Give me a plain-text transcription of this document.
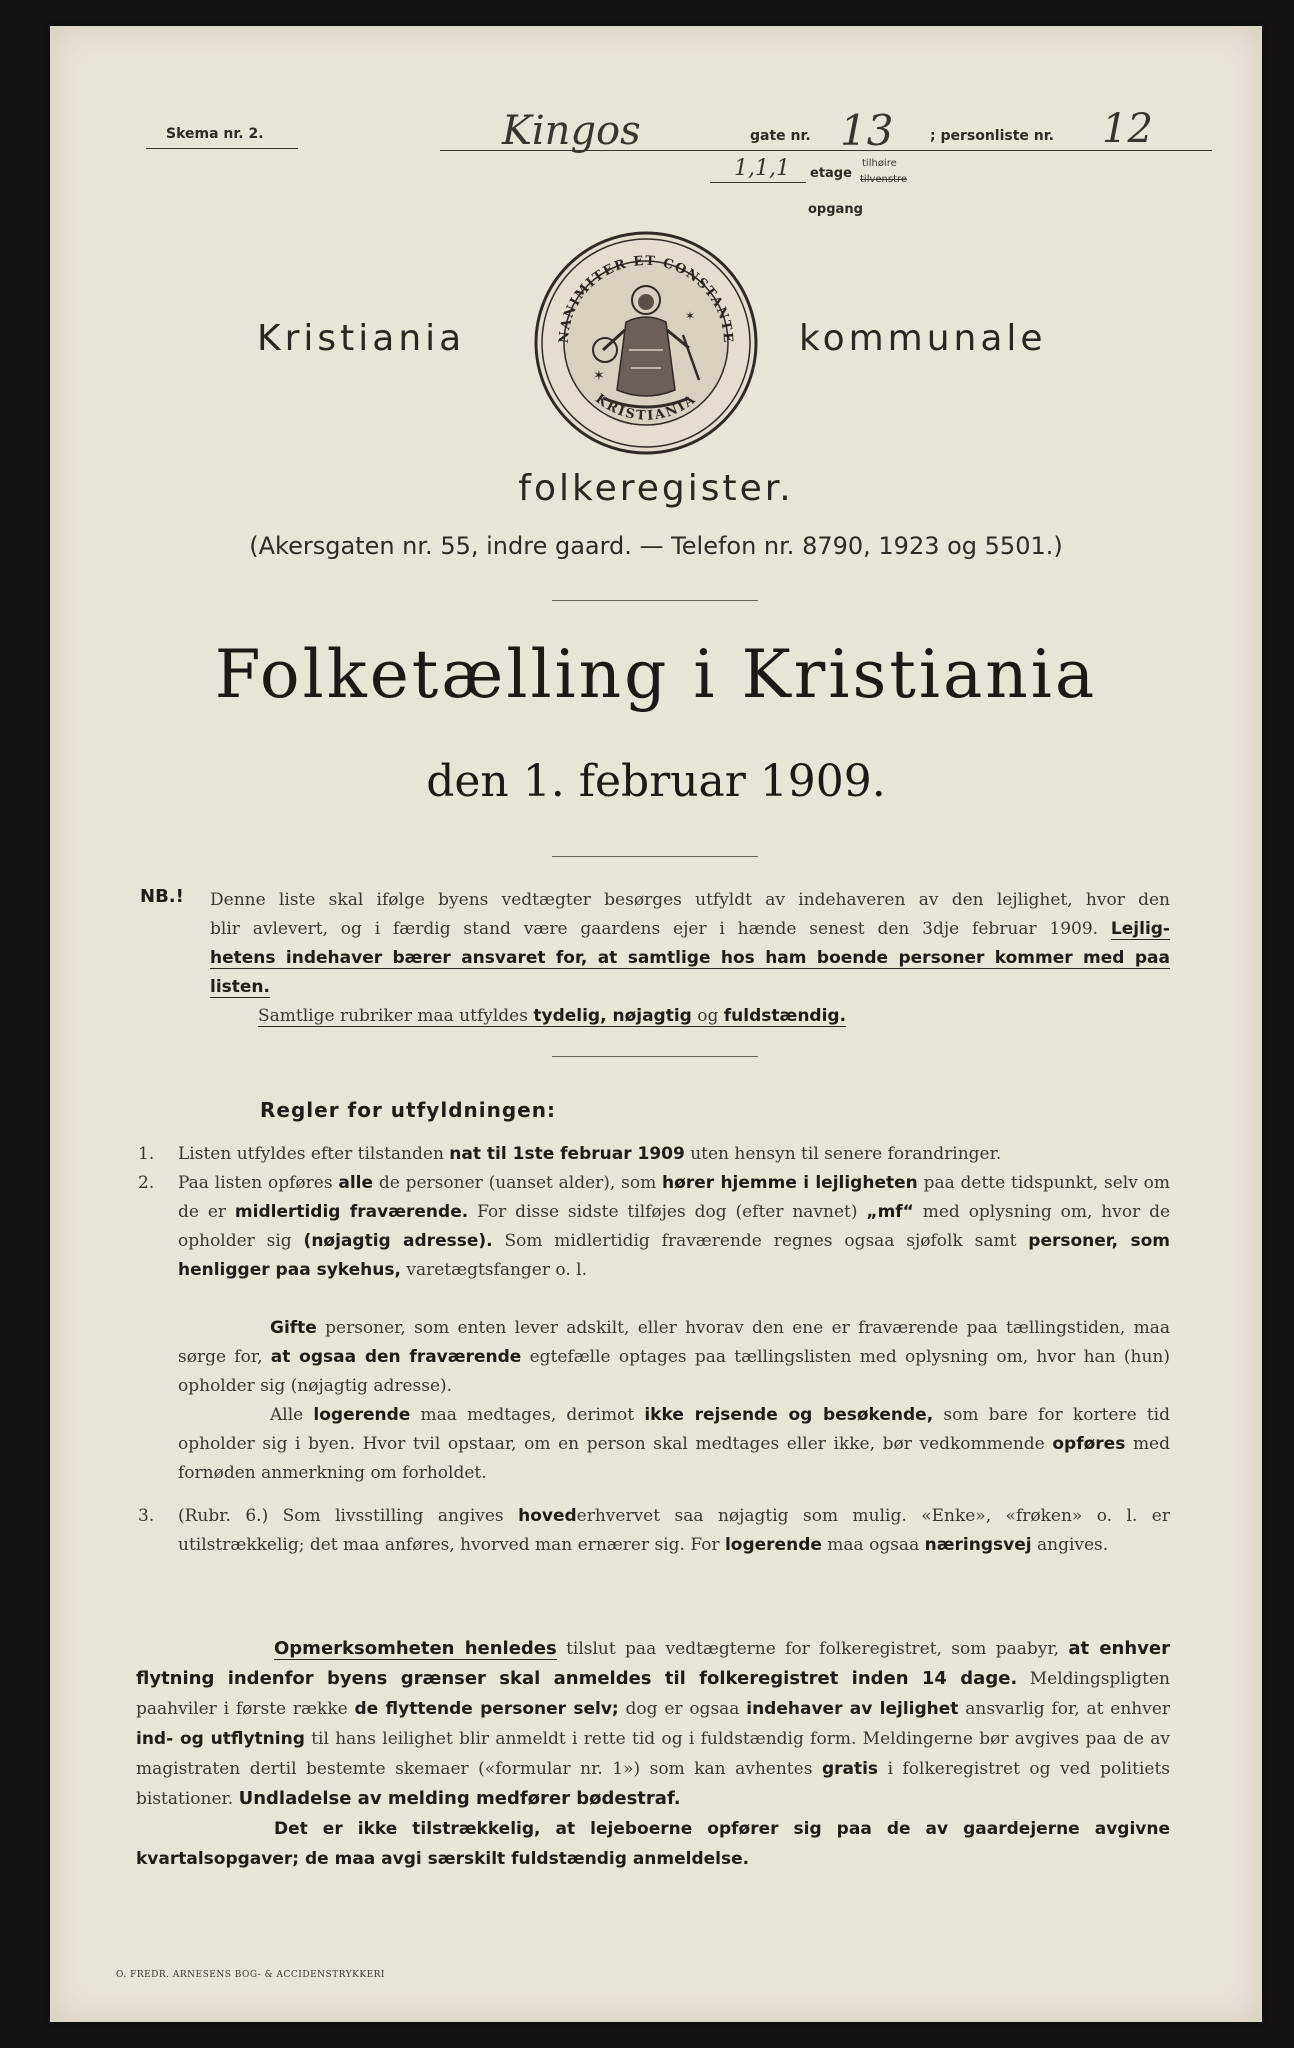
Skema nr. 2.	Kingos	gate nr. 13	; personliste nr. 12
1,1,1 etage
tilhøire
tilvenstre
opgang
Kristiania	kommunale
NANIMITER ET CONSTANTE
KRISTIANIA
✶
✶
folkeregister.
(Akersgaten nr. 55, indre gaard. — Telefon nr. 8790, 1923 og 5501.)
Folketælling i Kristiania
den 1. februar 1909.
NB.! Denne liste skal ifølge byens vedtægter besørges utfyldt av indehaveren av den lejlighet, hvor den
blir avlevert, og i færdig stand være gaardens ejer i hænde senest den 3dje februar 1909. Lejlig-
hetens indehaver bærer ansvaret for, at samtlige hos ham boende personer kommer med paa listen.
Samtlige rubriker maa utfyldes tydelig, nøjagtig og fuldstændig.
Regler for utfyldningen:
1.	Listen utfyldes efter tilstanden nat til 1ste februar 1909 uten hensyn til senere forandringer.
2.	Paa listen opføres alle de personer (uanset alder), som hører hjemme i lejligheten paa dette tidspunkt, selv om de er midlertidig fraværende. For disse sidste tilføjes dog (efter navnet) „mf“ med oplysning om, hvor de opholder sig (nøjagtig adresse). Som midlertidig fraværende regnes ogsaa sjøfolk samt personer, som henligger paa sykehus, varetægtsfanger o. l.
Gifte personer, som enten lever adskilt, eller hvorav den ene er fraværende paa tællingstiden, maa sørge for, at ogsaa den fraværende egtefælle optages paa tællingslisten med oplysning om, hvor han (hun) opholder sig (nøjagtig adresse).
Alle logerende maa medtages, derimot ikke rejsende og besøkende, som bare for kortere tid opholder sig i byen. Hvor tvil opstaar, om en person skal medtages eller ikke, bør vedkommende opføres med fornøden anmerkning om forholdet.
3.	(Rubr. 6.) Som livsstilling angives hovederhvervet saa nøjagtig som mulig. «Enke», «frøken» o. l. er utilstrækkelig; det maa anføres, hvorved man ernærer sig. For logerende maa ogsaa næringsvej angives.
Opmerksomheten henledes tilslut paa vedtægterne for folkeregistret, som paabyr, at enhver flytning indenfor byens grænser skal anmeldes til folkeregistret inden 14 dage. Meldingspligten paahviler i første række de flyttende personer selv; dog er ogsaa indehaver av lejlighet ansvarlig for, at enhver ind- og utflytning til hans leilighet blir anmeldt i rette tid og i fuldstændig form. Meldingerne bør avgives paa de av magistraten dertil bestemte skemaer («formular nr. 1») som kan avhentes gratis i folkeregistret og ved politiets bistationer. Undladelse av melding medfører bødestraf.
Det er ikke tilstrækkelig, at lejeboerne opfører sig paa de av gaardejerne avgivne kvartalsopgaver; de maa avgi særskilt fuldstændig anmeldelse.
O. FREDR. ARNESENS BOG- & ACCIDENSTRYKKERI
